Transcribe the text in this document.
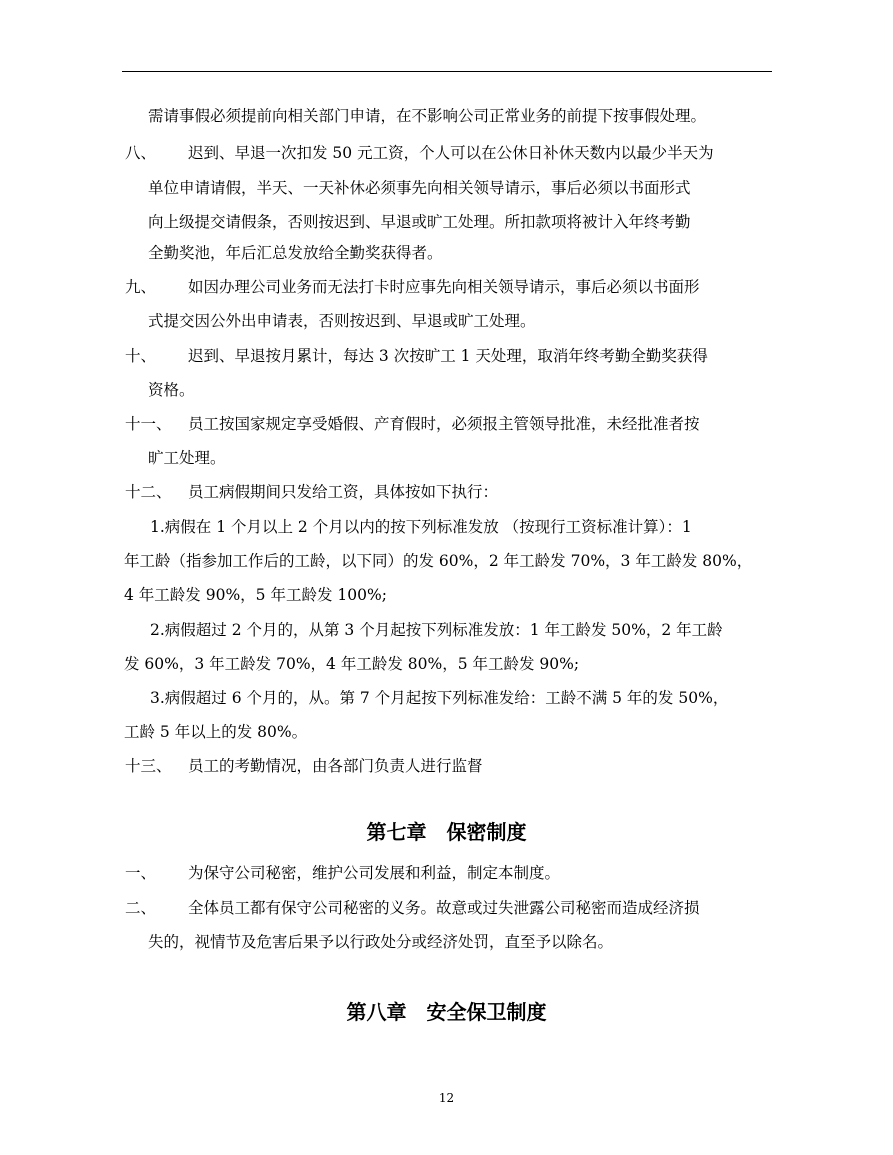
需请事假必须提前向相关部门申请，在不影响公司正常业务的前提下按事假处理。
八、 迟到、早退一次扣发 50 元工资，个人可以在公休日补休天数内以最少半天为
单位申请请假，半天、一天补休必须事先向相关领导请示，事后必须以书面形式
向上级提交请假条，否则按迟到、早退或旷工处理。所扣款项将被计入年终考勤
全勤奖池，年后汇总发放给全勤奖获得者。
九、 如因办理公司业务而无法打卡时应事先向相关领导请示，事后必须以书面形
式提交因公外出申请表，否则按迟到、早退或旷工处理。
十、 迟到、早退按月累计，每达 3 次按旷工 1 天处理，取消年终考勤全勤奖获得
资格。
十一、 员工按国家规定享受婚假、产育假时，必须报主管领导批准，未经批准者按
旷工处理。
十二、 员工病假期间只发给工资，具体按如下执行：
1.病假在 1 个月以上 2 个月以内的按下列标准发放 （按现行工资标准计算）：1
年工龄（指参加工作后的工龄，以下同）的发 60%，2 年工龄发 70%，3 年工龄发 80%，
4 年工龄发 90%，5 年工龄发 100%;
2.病假超过 2 个月的，从第 3 个月起按下列标准发放：1 年工龄发 50%，2 年工龄
发 60%，3 年工龄发 70%，4 年工龄发 80%，5 年工龄发 90%;
3.病假超过 6 个月的，从。第 7 个月起按下列标准发给：工龄不满 5 年的发 50%，
工龄 5 年以上的发 80%。
十三、 员工的考勤情况，由各部门负责人进行监督
第七章　保密制度
一、 为保守公司秘密，维护公司发展和利益，制定本制度。
二、 全体员工都有保守公司秘密的义务。故意或过失泄露公司秘密而造成经济损
失的，视情节及危害后果予以行政处分或经济处罚，直至予以除名。
第八章　安全保卫制度
12
